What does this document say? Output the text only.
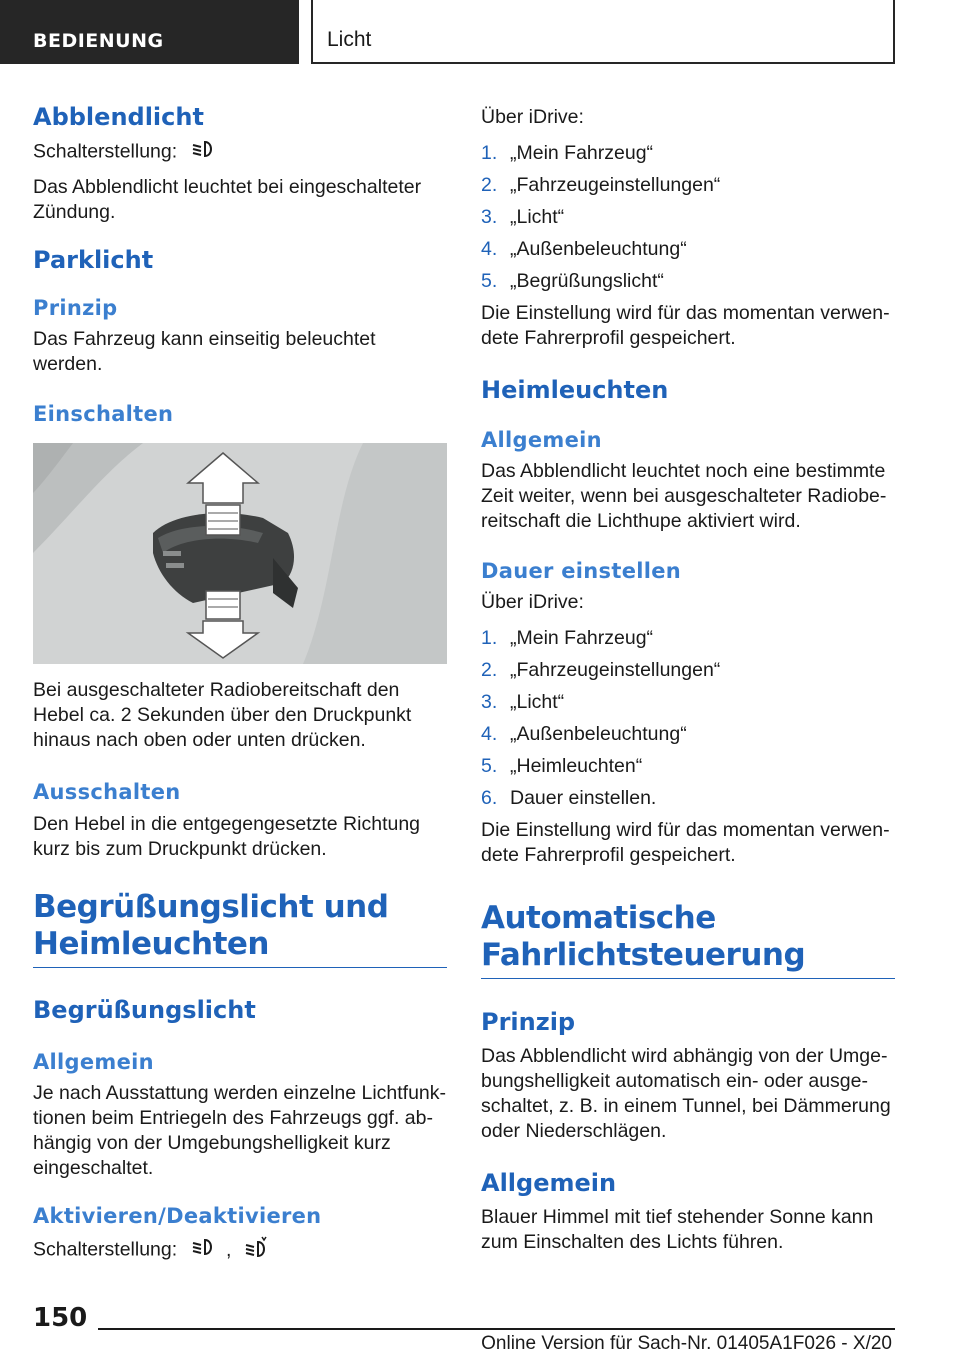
BEDIENUNG	Licht
Abblendlicht

Schalterstellung:

Das Abblendlicht leuchtet bei eingeschalteter Zündung.

Parklicht
Prinzip

Das Fahrzeug kann einseitig beleuchtet werden.

Einschalten

Bei ausgeschalteter Radiobereitschaft den Hebel ca. 2 Sekunden über den Druckpunkt hinaus nach oben oder unten drücken.

Ausschalten

Den Hebel in die entgegengesetzte Richtung kurz bis zum Druckpunkt drücken.

Begrüßungslicht und Heimleuchten
Begrüßungslicht
Allgemein

Je nach Ausstattung werden einzelne Lichtfunktionen beim Entriegeln des Fahrzeugs ggf. abhängig von der Umgebungshelligkeit kurz eingeschaltet.

Aktivieren/Deaktivieren

Schalterstellung:	,

Über iDrive:

1. „Mein Fahrzeug“
2. „Fahrzeugeinstellungen“
3. „Licht“
4. „Außenbeleuchtung“
5. „Begrüßungslicht“

Die Einstellung wird für das momentan verwendete Fahrerprofil gespeichert.

Heimleuchten
Allgemein

Das Abblendlicht leuchtet noch eine bestimmte Zeit weiter, wenn bei ausgeschalteter Radiobereitschaft die Lichthupe aktiviert wird.

Dauer einstellen

Über iDrive:

1. „Mein Fahrzeug“
2. „Fahrzeugeinstellungen“
3. „Licht“
4. „Außenbeleuchtung“
5. „Heimleuchten“
6. Dauer einstellen.

Die Einstellung wird für das momentan verwendete Fahrerprofil gespeichert.

Automatische Fahrlichtsteuerung
Prinzip

Das Abblendlicht wird abhängig von der Umgebungshelligkeit automatisch ein- oder ausgeschaltet, z. B. in einem Tunnel, bei Dämmerung oder Niederschlägen.

Allgemein

Blauer Himmel mit tief stehender Sonne kann zum Einschalten des Lichts führen.

150
Online Version für Sach-Nr. 01405A1F026 - X/20
